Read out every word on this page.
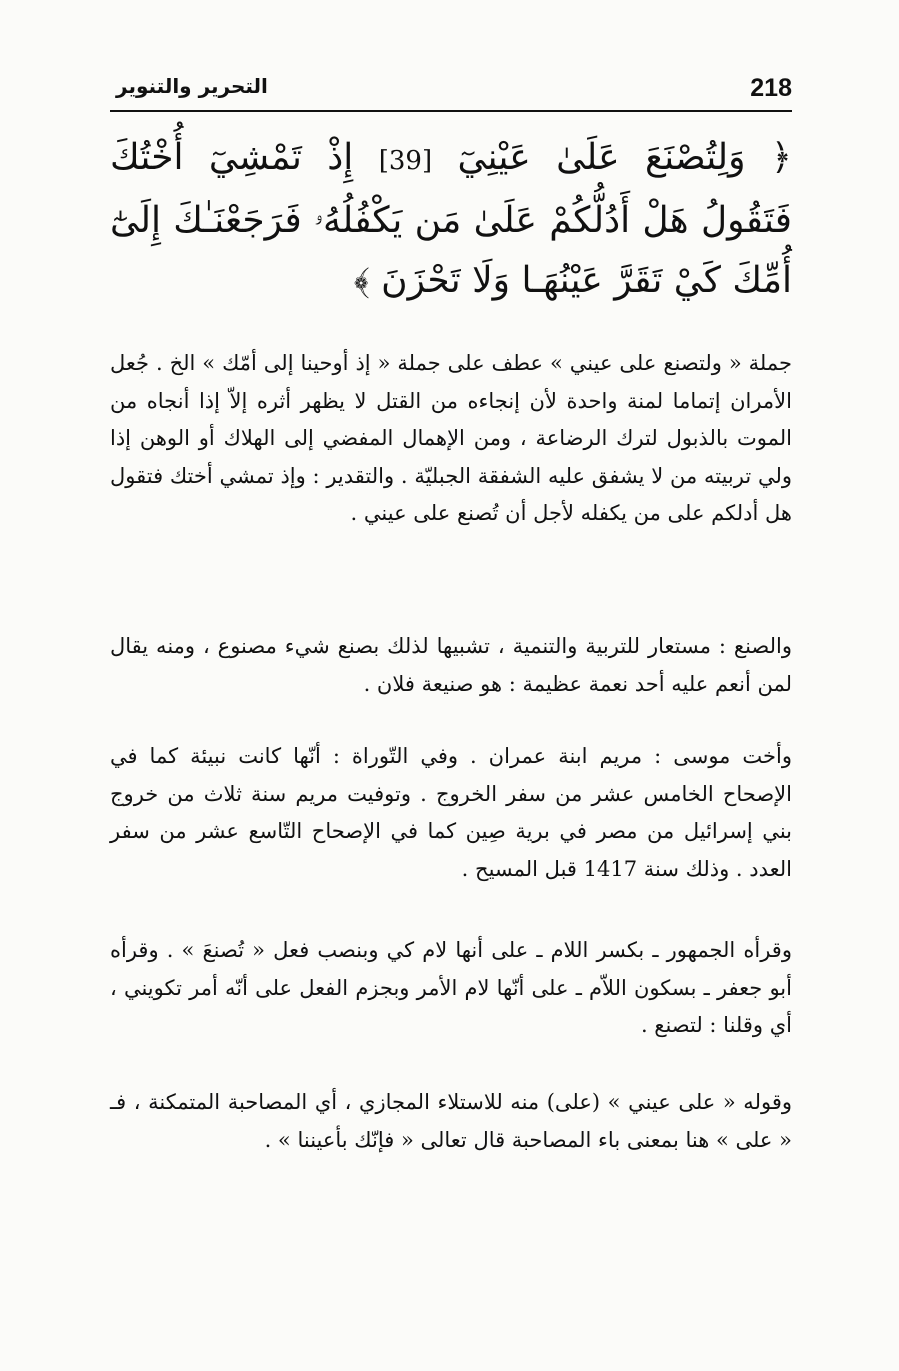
التحرير والتنوير	218
﴿ وَلِتُصْنَعَ عَلَىٰ عَيْنِيٓ [39] إِذْ تَمْشِيٓ أُخْتُكَ فَتَقُولُ هَلْ أَدُلُّكُمْ عَلَىٰ مَن يَكْفُلُهُۥ فَرَجَعْنَـٰكَ إِلَىٰٓ أُمِّكَ كَيْ تَقَرَّ عَيْنُهَـا وَلَا تَحْزَنَ ﴾

جملة « ولتصنع على عيني » عطف على جملة « إذ أوحينا إلى أمّك » الخ . جُعل الأمران إتماما لمنة واحدة لأن إنجاءه من القتل لا يظهر أثره إلاّ إذا أنجاه من الموت بالذبول لترك الرضاعة ، ومن الإهمال المفضي إلى الهلاك أو الوهن إذا ولي تربيته من لا يشفق عليه الشفقة الجبليّة . والتقدير : وإذ تمشي أختك فتقول هل أدلكم على من يكفله لأجل أن تُصنع على عيني .

والصنع : مستعار للتربية والتنمية ، تشبيها لذلك بصنع شيء مصنوع ، ومنه يقال لمن أنعم عليه أحد نعمة عظيمة : هو صنيعة فلان .

وأخت موسى : مريم ابنة عمران . وفي التّوراة : أنّها كانت نبيئة كما في الإصحاح الخامس عشر من سفر الخروج . وتوفيت مريم سنة ثلاث من خروج بني إسرائيل من مصر في برية صِين كما في الإصحاح التّاسع عشر من سفر العدد . وذلك سنة 1417 قبل المسيح .

وقرأه الجمهور ـ بكسر اللام ـ على أنها لام كي وبنصب فعل « تُصنعَ » . وقرأه أبو جعفر ـ بسكون اللاّم ـ على أنّها لام الأمر وبجزم الفعل على أنّه أمر تكويني ، أي وقلنا : لتصنع .

وقوله « على عيني » (على) منه للاستلاء المجازي ، أي المصاحبة المتمكنة ، فـ « على » هنا بمعنى باء المصاحبة قال تعالى « فإنّك بأعيننا » .
